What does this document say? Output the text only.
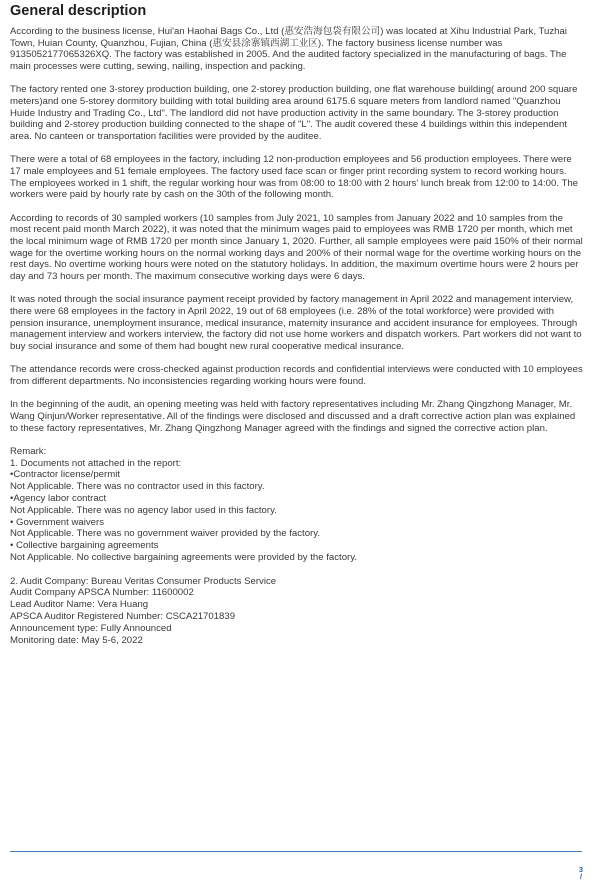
General description

According to the business license, Hui'an Haohai Bags Co., Ltd (惠安浩海包袋有限公司) was located at Xihu Industrial Park, Tuzhai Town, Huian County, Quanzhou, Fujian, China (惠安县涂寨镇西湖工业区). The factory business license number was 9135052177065326XQ. The factory was established in 2005. And the audited factory specialized in the manufacturing of bags. The main processes were cutting, sewing, nailing, inspection and packing.

The factory rented one 3-storey production building, one 2-storey production building, one flat warehouse building( around 200 square meters)and one 5-storey dormitory building with total building area around 6175.6 square meters from landlord named "Quanzhou Huide Industry and Trading Co., Ltd". The landlord did not have production activity in the same boundary. The 3-storey production building and 2-storey production building connected to the shape of "L". The audit covered these 4 buildings within this independent area. No canteen or transportation facilities were provided by the auditee.

There were a total of 68 employees in the factory, including 12 non-production employees and 56 production employees. There were 17 male employees and 51 female employees. The factory used face scan or finger print recording system to record working hours. The employees worked in 1 shift, the regular working hour was from 08:00 to 18:00 with 2 hours' lunch break from 12:00 to 14:00. The workers were paid by hourly rate by cash on the 30th of the following month.

According to records of 30 sampled workers (10 samples from July 2021, 10 samples from January 2022 and 10 samples from the most recent paid month March 2022), it was noted that the minimum wages paid to employees was RMB 1720 per month, which met the local minimum wage of RMB 1720 per month since January 1, 2020. Further, all sample employees were paid 150% of their normal wage for the overtime working hours on the normal working days and 200% of their normal wage for the overtime working hours on the rest days. No overtime working hours were noted on the statutory holidays. In addition, the maximum overtime hours were 2 hours per day and 73 hours per month. The maximum consecutive working days were 6 days.

It was noted through the social insurance payment receipt provided by factory management in April 2022 and management interview, there were 68 employees in the factory in April 2022, 19 out of 68 employees (i.e. 28% of the total workforce) were provided with pension insurance, unemployment insurance, medical insurance, maternity insurance and accident insurance for employees. Through management interview and workers interview, the factory did not use home workers and dispatch workers. Part workers did not want to buy social insurance and some of them had bought new rural cooperative medical insurance.

The attendance records were cross-checked against production records and confidential interviews were conducted with 10 employees from different departments. No inconsistencies regarding working hours were found.

In the beginning of the audit, an opening meeting was held with factory representatives including Mr. Zhang Qingzhong Manager, Mr. Wang Qinjun/Worker representative. All of the findings were disclosed and discussed and a draft corrective action plan was explained to these factory representatives, Mr. Zhang Qingzhong Manager agreed with the findings and signed the corrective action plan.

Remark:
1. Documents not attached in the report:
•Contractor license/permit
Not Applicable. There was no contractor used in this factory.
•Agency labor contract
Not Applicable. There was no agency labor used in this factory.
• Government waivers
Not Applicable. There was no government waiver provided by the factory.
• Collective bargaining agreements
Not Applicable. No collective bargaining agreements were provided by the factory.
2. Audit Company: Bureau Veritas Consumer Products Service
Audit Company APSCA Number: 11600002
Lead Auditor Name: Vera Huang
APSCA Auditor Registered Number: CSCA21701839
Announcement type: Fully Announced
Monitoring date: May 5-6, 2022
3
/
